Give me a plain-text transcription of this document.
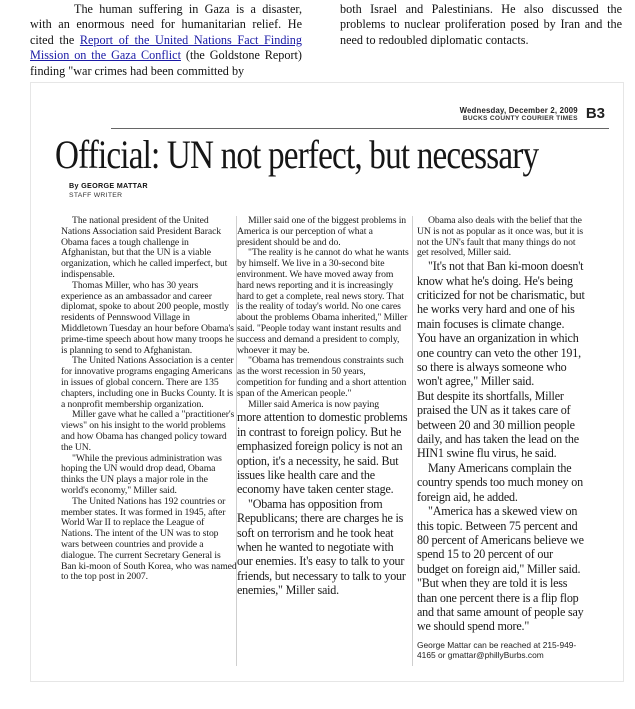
The human suffering in Gaza is a disaster, with an enormous need for humanitarian relief. He cited the Report of the United Nations Fact Finding Mission on the Gaza Conflict (the Goldstone Report) finding "war crimes had been committed by
both Israel and Palestinians. He also discussed the problems to nuclear proliferation posed by Iran and the need to redoubled diplomatic contacts.
Wednesday, December 2, 2009
BUCKS COUNTY COURIER TIMES B3
Official: UN not perfect, but necessary
By GEORGE MATTAR
STAFF WRITER

The national president of the United Nations Association said President Barack Obama faces a tough challenge in Afghanistan, but that the UN is a viable organization, which he called imperfect, but indispensable.

Thomas Miller, who has 30 years experience as an ambassador and career diplomat, spoke to about 200 people, mostly residents of Pennswood Village in Middletown Tuesday an hour before Obama's prime-time speech about how many troops he is planning to send to Afghanistan.

The United Nations Association is a center for innovative programs engaging Americans in issues of global concern. There are 135 chapters, including one in Bucks County. It is a nonprofit membership organization.

Miller gave what he called a "practitioner's views" on his insight to the world problems and how Obama has changed policy toward the UN.

"While the previous administration was hoping the UN would drop dead, Obama thinks the UN plays a major role in the world's economy," Miller said.

The United Nations has 192 countries or member states. It was formed in 1945, after World War II to replace the League of Nations. The intent of the UN was to stop wars between countries and provide a dialogue. The current Secretary General is Ban ki-moon of South Korea, who was named to the top post in 2007.

Miller said one of the biggest problems in America is our perception of what a president should be and do.

"The reality is he cannot do what he wants by himself. We live in a 30-second bite environment. We have moved away from hard news reporting and it is increasingly hard to get a complete, real news story. That is the reality of today's world. No one cares about the problems Obama inherited," Miller said. "People today want instant results and success and demand a president to comply, whoever it may be.

"Obama has tremendous constraints such as the worst recession in 50 years, competition for funding and a short attention span of the American people."

Miller said America is now paying

more attention to domestic problems in contrast to foreign policy. But he emphasized foreign policy is not an option, it's a necessity, he said. But issues like health care and the economy have taken center stage.

"Obama has opposition from Republicans; there are charges he is soft on terrorism and he took heat when he wanted to negotiate with our enemies. It's easy to talk to your friends, but necessary to talk to your enemies," Miller said.

Obama also deals with the belief that the UN is not as popular as it once was, but it is not the UN's fault that many things do not get resolved, Miller said.

"It's not that Ban ki-moon doesn't know what he's doing. He's being criticized for not be charismatic, but he works very hard and one of his main focuses is climate change. You have an organization in which one country can veto the other 191, so there is always someone who won't agree," Miller said.

But despite its shortfalls, Miller praised the UN as it takes care of between 20 and 30 million people daily, and has taken the lead on the HIN1 swine flu virus, he said.

Many Americans complain the country spends too much money on foreign aid, he added.

"America has a skewed view on this topic. Between 75 percent and 80 percent of Americans believe we spend 15 to 20 percent of our budget on foreign aid," Miller said. "But when they are told it is less than one percent there is a flip flop and that same amount of people say we should spend more."

George Mattar can be reached at 215-949-4165 or gmattar@phillyBurbs.com
